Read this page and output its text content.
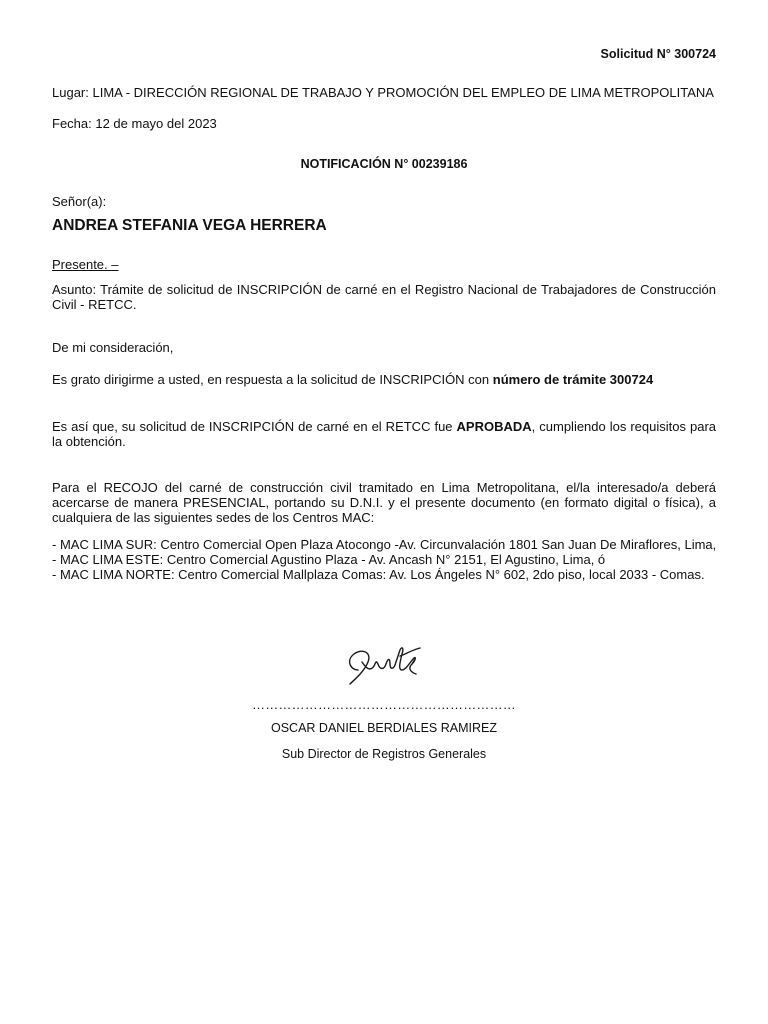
Solicitud N° 300724
Lugar: LIMA - DIRECCIÓN REGIONAL DE TRABAJO Y PROMOCIÓN DEL EMPLEO DE LIMA METROPOLITANA
Fecha: 12 de mayo del 2023
NOTIFICACIÓN N° 00239186
Señor(a):
ANDREA STEFANIA VEGA HERRERA
Presente. –
Asunto: Trámite de solicitud de INSCRIPCIÓN de carné en el Registro Nacional de Trabajadores de Construcción Civil - RETCC.
De mi consideración,
Es grato dirigirme a usted, en respuesta a la solicitud de INSCRIPCIÓN con número de trámite 300724
Es así que, su solicitud de INSCRIPCIÓN de carné en el RETCC fue APROBADA, cumpliendo los requisitos para la obtención.
Para el RECOJO del carné de construcción civil tramitado en Lima Metropolitana, el/la interesado/a deberá acercarse de manera PRESENCIAL, portando su D.N.I. y el presente documento (en formato digital o física), a cualquiera de las siguientes sedes de los Centros MAC:
- MAC LIMA SUR: Centro Comercial Open Plaza Atocongo -Av. Circunvalación 1801 San Juan De Miraflores, Lima,
- MAC LIMA ESTE: Centro Comercial Agustino Plaza - Av. Ancash N° 2151, El Agustino, Lima, ó
- MAC LIMA NORTE: Centro Comercial Mallplaza Comas: Av. Los Ángeles N° 602, 2do piso, local 2033 - Comas.
……………………………………………………
OSCAR DANIEL BERDIALES RAMIREZ
Sub Director de Registros Generales
